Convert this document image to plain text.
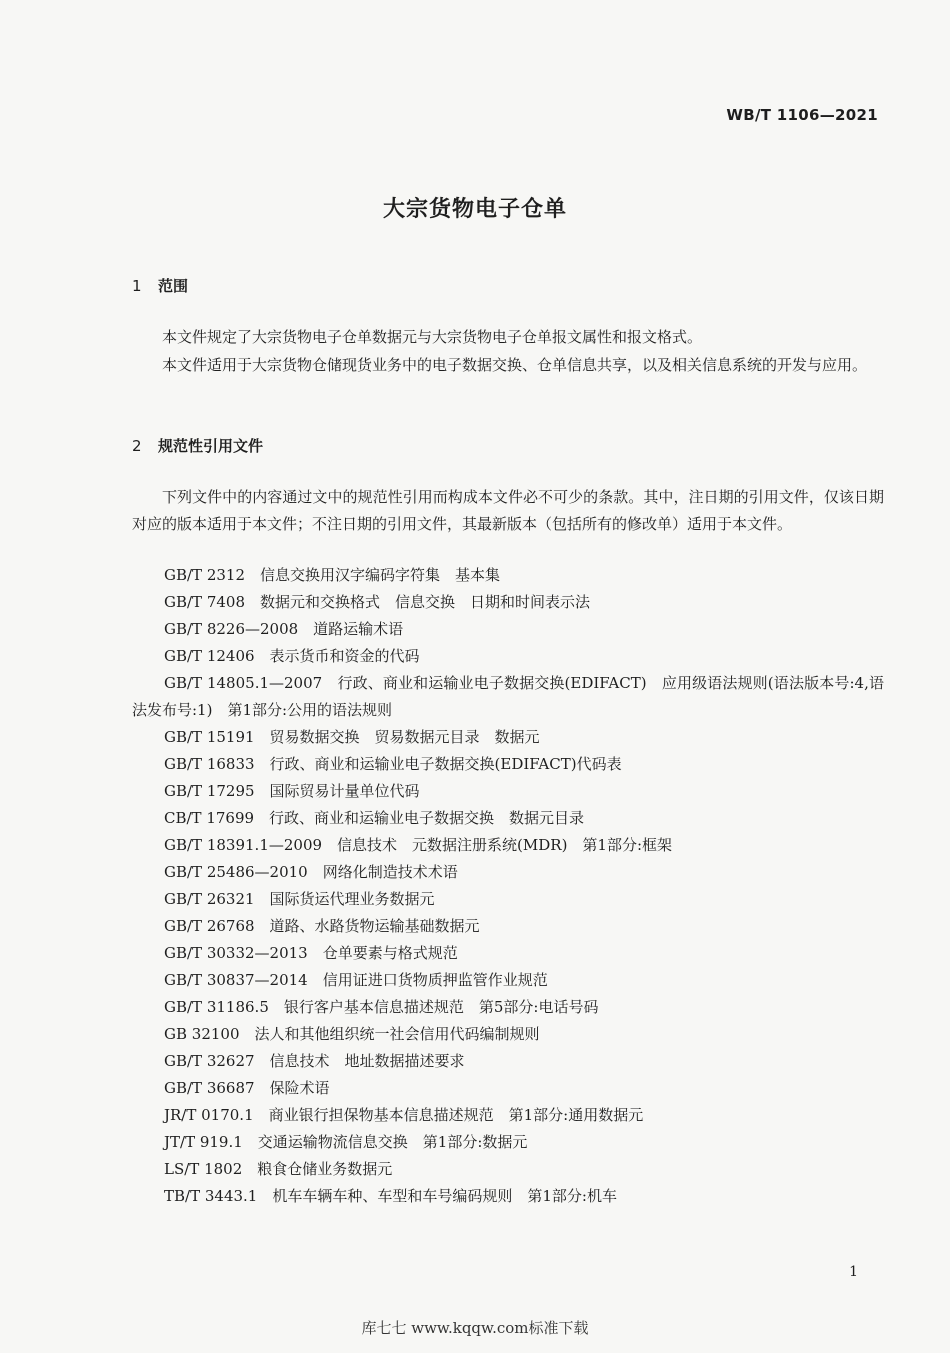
WB/T 1106—2021
大宗货物电子仓单
1 范围
本文件规定了大宗货物电子仓单数据元与大宗货物电子仓单报文属性和报文格式。
本文件适用于大宗货物仓储现货业务中的电子数据交换、仓单信息共享，以及相关信息系统的开发与应用。
2 规范性引用文件
下列文件中的内容通过文中的规范性引用而构成本文件必不可少的条款。其中，注日期的引用文件，仅该日期对应的版本适用于本文件；不注日期的引用文件，其最新版本（包括所有的修改单）适用于本文件。
GB/T 2312　信息交换用汉字编码字符集　基本集
GB/T 7408　数据元和交换格式　信息交换　日期和时间表示法
GB/T 8226—2008　道路运输术语
GB/T 12406　表示货币和资金的代码
GB/T 14805.1—2007　行政、商业和运输业电子数据交换(EDIFACT)　应用级语法规则(语法版本号:4,语法发布号:1)　第1部分:公用的语法规则
GB/T 15191　贸易数据交换　贸易数据元目录　数据元
GB/T 16833　行政、商业和运输业电子数据交换(EDIFACT)代码表
GB/T 17295　国际贸易计量单位代码
CB/T 17699　行政、商业和运输业电子数据交换　数据元目录
GB/T 18391.1—2009　信息技术　元数据注册系统(MDR)　第1部分:框架
GB/T 25486—2010　网络化制造技术术语
GB/T 26321　国际货运代理业务数据元
GB/T 26768　道路、水路货物运输基础数据元
GB/T 30332—2013　仓单要素与格式规范
GB/T 30837—2014　信用证进口货物质押监管作业规范
GB/T 31186.5　银行客户基本信息描述规范　第5部分:电话号码
GB 32100　法人和其他组织统一社会信用代码编制规则
GB/T 32627　信息技术　地址数据描述要求
GB/T 36687　保险术语
JR/T 0170.1　商业银行担保物基本信息描述规范　第1部分:通用数据元
JT/T 919.1　交通运输物流信息交换　第1部分:数据元
LS/T 1802　粮食仓储业务数据元
TB/T 3443.1　机车车辆车种、车型和车号编码规则　第1部分:机车
1
库七七 www.kqqw.com标准下载
